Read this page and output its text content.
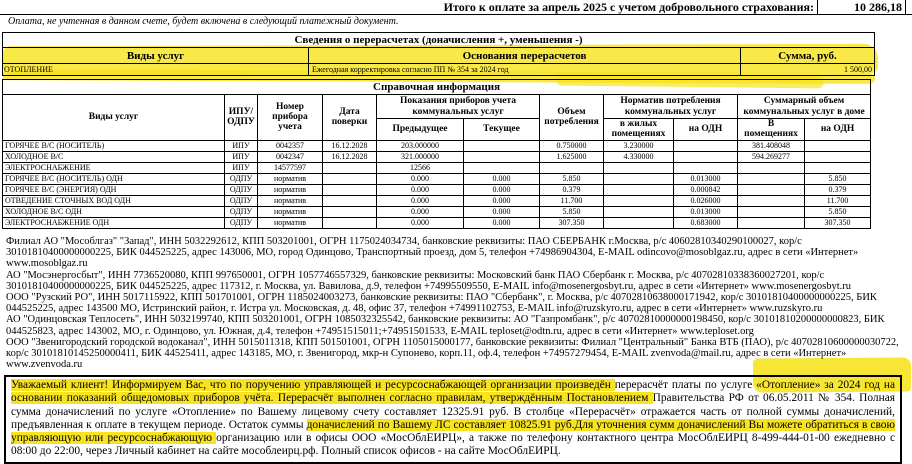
Итого к оплате за апрель 2025 с учетом добровольного страхования:	10 286,18
Оплата, не учтенная в данном счете, будет включена в следующий платежный документ.
Сведения о перерасчетах (доначисления +, уменьшения -)		
Виды услуг	Основания перерасчетов	Сумма, руб.
ОТОПЛЕНИЕ	Ежегодная корректировка согласно ПП № 354 за 2024 год	1 500,00
Справочная информация										
Виды услуг	ИПУ/ОДПУ	Номер прибора учета	Дата поверки	Показания приборов учета коммунальных услуг		Объем потребления	Норматив потребления коммунальных услуг		Суммарный объем коммунальных услуг в доме	
				Предыдущее	Текущее		в жилых помещениях	на ОДН	В помещениях	на ОДН
ГОРЯЧЕЕ В/С (НОСИТЕЛЬ)	ИПУ	0042357	16.12.2028	203.000000		0.750000	3.230000		381.408048	
ХОЛОДНОЕ В/С	ИПУ	0042347	16.12.2028	321.000000		1.625000	4.330000		594.269277	
ЭЛЕКТРОСНАБЖЕНИЕ	ИПУ	14577597		12566						
ГОРЯЧЕЕ В/С (НОСИТЕЛЬ) ОДН	ОДПУ	норматив		0.000	0.000	5.850		0.013000		5.850
ГОРЯЧЕЕ В/С (ЭНЕРГИЯ) ОДН	ОДПУ	норматив		0.000	0.000	0.379		0.000842		0.379
ОТВЕДЕНИЕ СТОЧНЫХ ВОД ОДН	ОДПУ	норматив		0.000	0.000	11.700		0.026000		11.700
ХОЛОДНОЕ В/С ОДН	ОДПУ	норматив		0.000	0.000	5.850		0.013000		5.850
ЭЛЕКТРОСНАБЖЕНИЕ ОДН	ОДПУ	норматив		0.000	0.000	307.350		0.683000		307.350
Филиал АО "Мособлгаз" "Запад", ИНН 5032292612, КПП 503201001, ОГРН 1175024034734, банковские реквизиты: ПАО СБЕРБАНК г.Москва, р/с 40602810340290100027, кор/с 30101810400000000225, БИК 044525225, адрес 143006, МО, город Одинцово, Транспортный проезд, дом 5, телефон +74986904304, E-MAIL odincovo@mosoblgaz.ru, адрес в сети «Интернет» www.mosoblgaz.ru
АО "Мосэнергосбыт", ИНН 7736520080, КПП 997650001, ОГРН 1057746557329, банковские реквизиты: Московский банк ПАО Сбербанк г. Москва, р/с 40702810338360027201, кор/с 30101810400000000225, БИК 044525225, адрес 117312, г. Москва, ул. Вавилова, д.9, телефон +74995509550, E-MAIL info@mosenergosbyt.ru, адрес в сети «Интернет» www.mosenergosbyt.ru
ООО "Рузский РО", ИНН 5017115922, КПП 501701001, ОГРН 1185024003273, банковские реквизиты: ПАО "Сбербанк", г. Москва, р/с 40702810638000171942, кор/с 30101810400000000225, БИК 044525225, адрес 143500 МО, Истринский район, г. Истра ул. Московская, д. 48, офис 37, телефон +74991102753, E-MAIL info@ruzskyro.ru, адрес в сети «Интернет» www.ruzskyro.ru
АО "Одинцовская Теплосеть", ИНН 5032199740, КПП 503201001, ОГРН 1085032325542, банковские реквизиты: АО "Газпромбанк", р/с 40702810000000198450, кор/с 30101810200000000823, БИК 044525823, адрес 143002, МО, г. Одинцово, ул. Южная, д.4, телефон +74951515011;+74951501533, E-MAIL teploset@odtn.ru, адрес в сети «Интернет» www.teploset.org
ООО "Звенигородский городской водоканал", ИНН 5015011318, КПП 501501001, ОГРН 1105015000177, банковские реквизиты: Филиал "Центральный" Банка ВТБ (ПАО), р/с 40702810600000030722, кор/с 30101810145250000411, БИК 44525411, адрес 143185, МО, г. Звенигород, мкр-н Супонево, корп.11, оф.4, телефон +74957279454, E-MAIL zvenvoda@mail.ru, адрес в сети «Интернет» www.zvenvoda.ru
Уважаемый клиент! Информируем Вас, что по поручению управляющей и ресурсоснабжающей организации произведён перерасчёт платы по услуге «Отопление» за 2024 год на основании показаний общедомовых приборов учёта. Перерасчёт выполнен согласно правилам, утверждённым Постановлением Правительства РФ от 06.05.2011 № 354. Полная сумма доначислений по услуге «Отопление» по Вашему лицевому счету составляет 12325.91 руб. В столбце «Перерасчёт» отражается часть от полной суммы доначислений, предъявленная к оплате в текущем периоде. Остаток суммы доначислений по Вашему ЛС составляет 10825.91 руб.Для уточнения сумм доначислений Вы можете обратиться в свою управляющую или ресурсоснабжающую организацию или в офисы ООО «МосОблЕИРЦ», а также по телефону контактного центра МосОблЕИРЦ 8-499-444-01-00 ежедневно с 08:00 до 22:00, через Личный кабинет на сайте мособлеирц.рф. Полный список офисов - на сайте МосОблЕИРЦ.
